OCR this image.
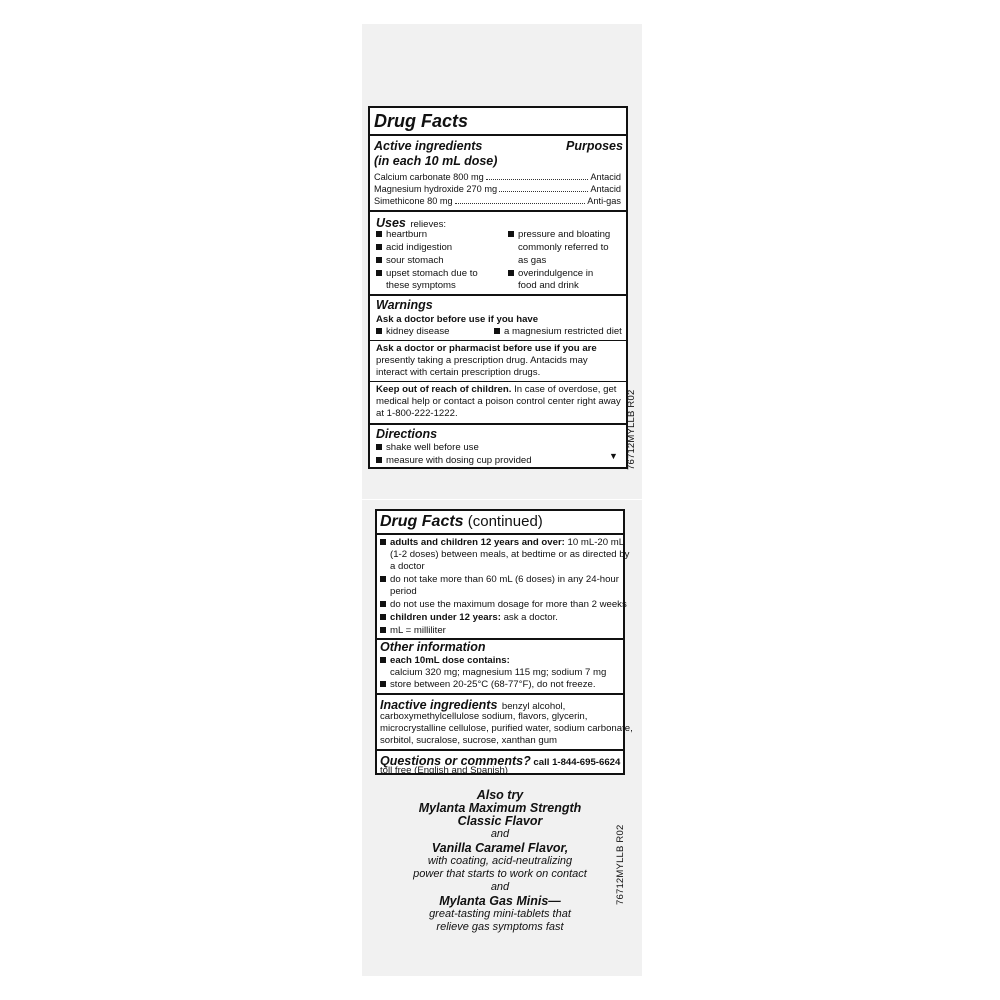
Drug Facts
Active ingredients
(in each 10 mL dose)
Purposes
Calcium carbonate 800 mg	Antacid
Magnesium hydroxide 270 mg	Antacid
Simethicone 80 mg	Anti-gas
Uses relieves:
heartburn
acid indigestion
sour stomach
upset stomach due to
these symptoms
pressure and bloating
commonly referred to
as gas
overindulgence in
food and drink
Warnings
Ask a doctor before use if you have
kidney disease	a magnesium restricted diet
Ask a doctor or pharmacist before use if you are
presently taking a prescription drug. Antacids may
interact with certain prescription drugs.
Keep out of reach of children. In case of overdose, get
medical help or contact a poison control center right away
at 1-800-222-1222.
Directions
shake well before use
measure with dosing cup provided	▼ 76712MYLLB R02
Drug Facts (continued)
adults and children 12 years and over: 10 mL-20 mL
(1-2 doses) between meals, at bedtime or as directed by
a doctor
do not take more than 60 mL (6 doses) in any 24-hour
period
do not use the maximum dosage for more than 2 weeks
children under 12 years: ask a doctor.
mL = milliliter
Other information
each 10mL dose contains:
calcium 320 mg; magnesium 115 mg; sodium 7 mg
store between 20-25°C (68-77°F), do not freeze.
Inactive ingredients benzyl alcohol,
carboxymethylcellulose sodium, flavors, glycerin,
microcrystalline cellulose, purified water, sodium carbonate,
sorbitol, sucralose, sucrose, xanthan gum
Questions or comments? call 1-844-695-6624
toll free (English and Spanish)
Also try
Mylanta Maximum Strength
Classic Flavor
and
Vanilla Caramel Flavor,
with coating, acid-neutralizing
power that starts to work on contact
and
Mylanta Gas Minis—
great-tasting mini-tablets that
relieve gas symptoms fast
76712MYLLB R02
